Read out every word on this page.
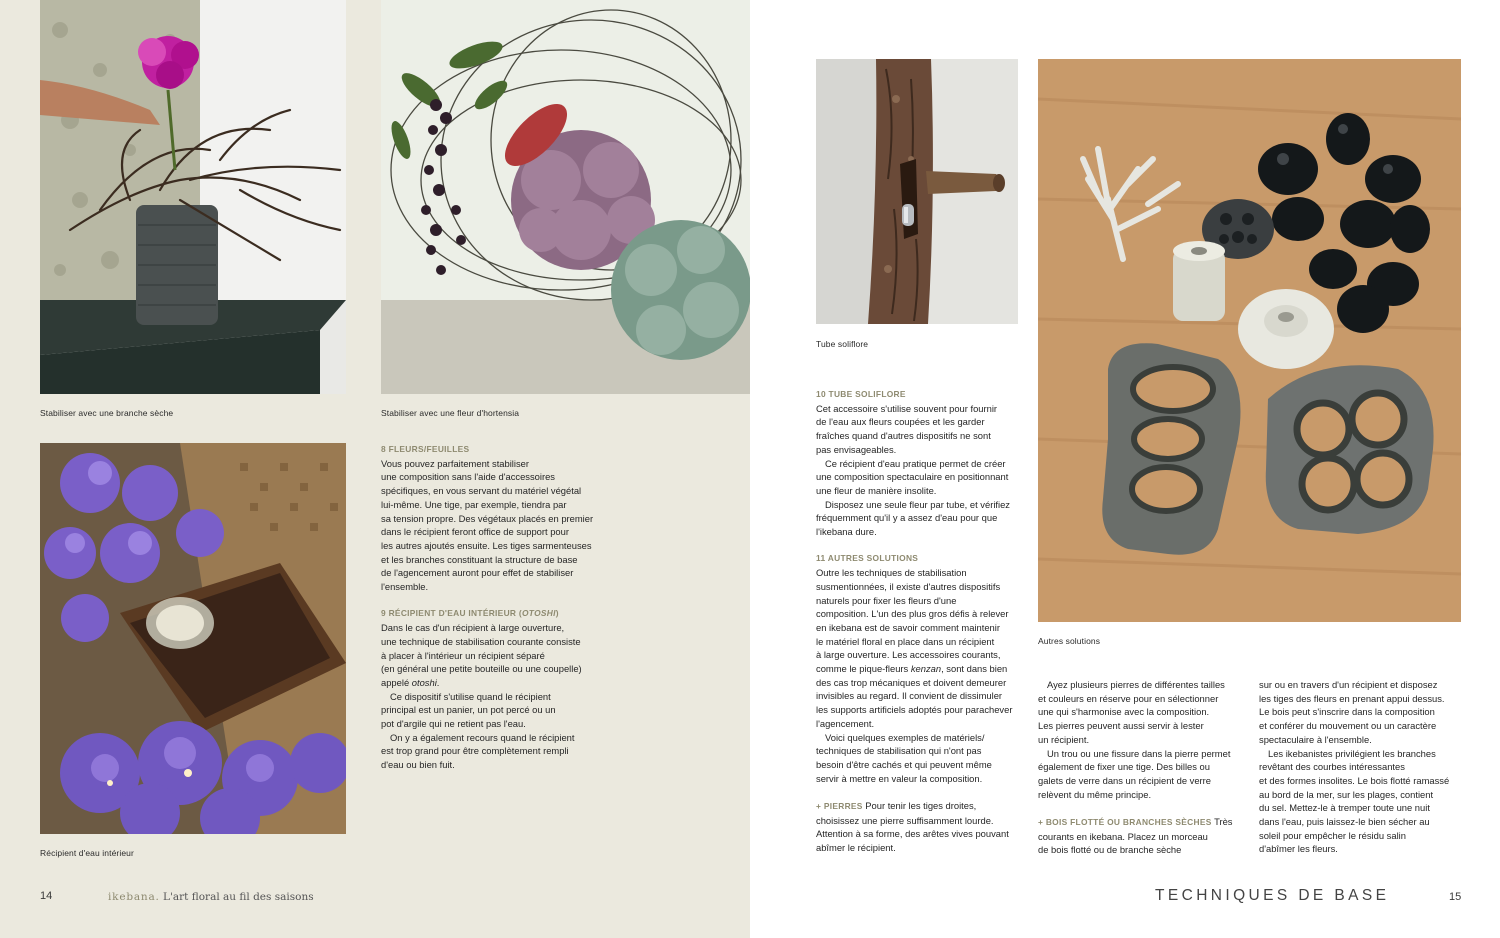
Stabiliser avec une branche sèche	Stabiliser avec une fleur d'hortensia
Récipient d'eau intérieur
8 FLEURS/FEUILLES

Vous pouvez parfaitement stabiliser

une composition sans l'aide d'accessoires

spécifiques, en vous servant du matériel végétal

lui-même. Une tige, par exemple, tiendra par

sa tension propre. Des végétaux placés en premier

dans le récipient feront office de support pour

les autres ajoutés ensuite. Les tiges sarmenteuses

et les branches constituant la structure de base

de l'agencement auront pour effet de stabiliser

l'ensemble.

9 RÉCIPIENT D'EAU INTÉRIEUR (OTOSHI)

Dans le cas d'un récipient à large ouverture,

une technique de stabilisation courante consiste

à placer à l'intérieur un récipient séparé

(en général une petite bouteille ou une coupelle)

appelé otoshi.

Ce dispositif s'utilise quand le récipient

principal est un panier, un pot percé ou un

pot d'argile qui ne retient pas l'eau.

On y a également recours quand le récipient

est trop grand pour être complètement rempli

d'eau ou bien fuit.

14	ikebana. L'art floral au fil des saisons
Tube soliflore
Autres solutions
10 TUBE SOLIFLORE

Cet accessoire s'utilise souvent pour fournir

de l'eau aux fleurs coupées et les garder

fraîches quand d'autres dispositifs ne sont

pas envisageables.

Ce récipient d'eau pratique permet de créer

une composition spectaculaire en positionnant

une fleur de manière insolite.

Disposez une seule fleur par tube, et vérifiez

fréquemment qu'il y a assez d'eau pour que

l'ikebana dure.

11 AUTRES SOLUTIONS

Outre les techniques de stabilisation

susmentionnées, il existe d'autres dispositifs

naturels pour fixer les fleurs d'une

composition. L'un des plus gros défis à relever

en ikebana est de savoir comment maintenir

le matériel floral en place dans un récipient

à large ouverture. Les accessoires courants,

comme le pique-fleurs kenzan, sont dans bien

des cas trop mécaniques et doivent demeurer

invisibles au regard. Il convient de dissimuler

les supports artificiels adoptés pour parachever

l'agencement.

Voici quelques exemples de matériels/

techniques de stabilisation qui n'ont pas

besoin d'être cachés et qui peuvent même

servir à mettre en valeur la composition.

+ PIERRES Pour tenir les tiges droites,

choisissez une pierre suffisamment lourde.

Attention à sa forme, des arêtes vives pouvant

abîmer le récipient.

Ayez plusieurs pierres de différentes tailles

et couleurs en réserve pour en sélectionner

une qui s'harmonise avec la composition.

Les pierres peuvent aussi servir à lester

un récipient.

Un trou ou une fissure dans la pierre permet

également de fixer une tige. Des billes ou

galets de verre dans un récipient de verre

relèvent du même principe.

+ BOIS FLOTTÉ OU BRANCHES SÈCHES Très

courants en ikebana. Placez un morceau

de bois flotté ou de branche sèche

sur ou en travers d'un récipient et disposez

les tiges des fleurs en prenant appui dessus.

Le bois peut s'inscrire dans la composition

et conférer du mouvement ou un caractère

spectaculaire à l'ensemble.

Les ikebanistes privilégient les branches

revêtant des courbes intéressantes

et des formes insolites. Le bois flotté ramassé

au bord de la mer, sur les plages, contient

du sel. Mettez-le à tremper toute une nuit

dans l'eau, puis laissez-le bien sécher au

soleil pour empêcher le résidu salin

d'abîmer les fleurs.

TECHNIQUES DE BASE	15
